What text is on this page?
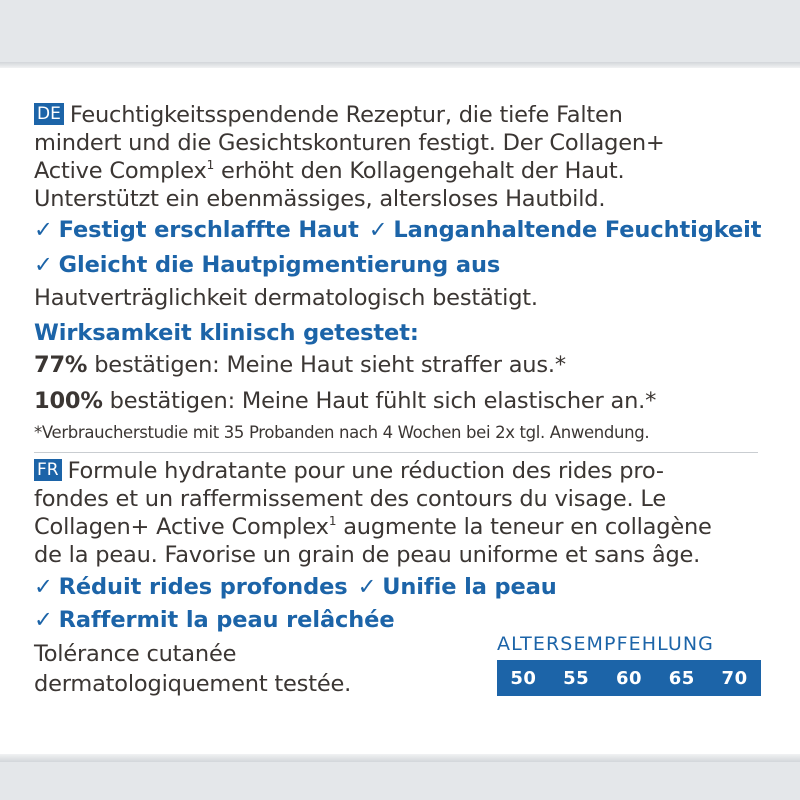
DE Feuchtigkeitsspendende Rezeptur, die tiefe Falten
mindert und die Gesichtskonturen festigt. Der Collagen+
Active Complex$^1$ erhöht den Kollagengehalt der Haut.
Unterstützt ein ebenmässiges, altersloses Hautbild.
✓ Festigt erschlaffte Haut ✓ Langanhaltende Feuchtigkeit
✓ Gleicht die Hautpigmentierung aus
Hautverträglichkeit dermatologisch bestätigt.
Wirksamkeit klinisch getestet:
77% bestätigen: Meine Haut sieht straffer aus.*
100% bestätigen: Meine Haut fühlt sich elastischer an.*
*Verbraucherstudie mit 35 Probanden nach 4 Wochen bei 2x tgl. Anwendung.
FR Formule hydratante pour une réduction des rides pro-
fondes et un raffermissement des contours du visage. Le
Collagen+ Active Complex$^1$ augmente la teneur en collagène
de la peau. Favorise un grain de peau uniforme et sans âge.
✓ Réduit rides profondes ✓ Unifie la peau
✓ Raffermit la peau relâchée
Tolérance cutanée
dermatologiquement testée.
ALTERSEMPFEHLUNG
50 55 60 65 70
